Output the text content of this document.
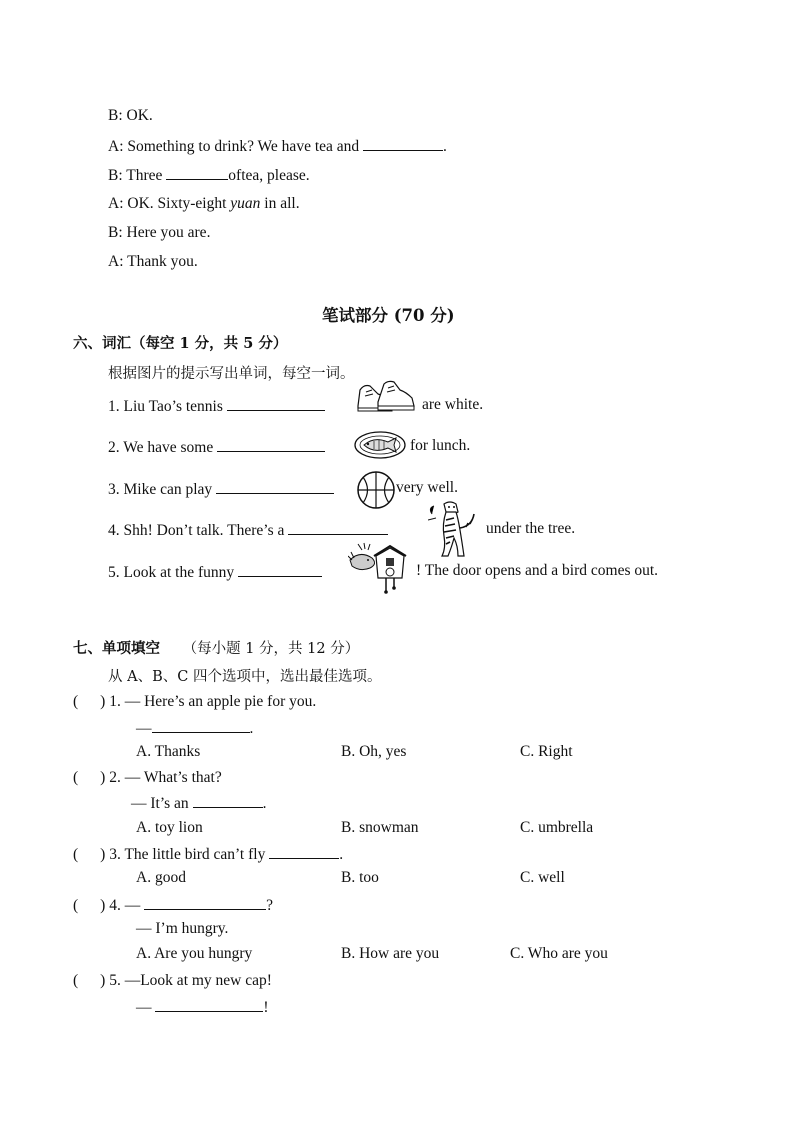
B: OK.
A: Something to drink? We have tea and	.
B: Three	oftea, please.
A: OK. Sixty-eight yuan in all.
B: Here you are.
A: Thank you.
笔试部分 (70 分)
六、词汇（每空 1 分，共 5 分）
根据图片的提示写出单词，每空一词。
1. Liu Tao’s tennis	are white.
2. We have some	for lunch.
3. Mike can play	very well.
4. Shh! Don’t talk. There’s a	under the tree.
5. Look at the funny	! The door opens and a bird comes out.
七、单项填空 （每小题 1 分，共 12 分）
从 A、B、C 四个选项中，选出最佳选项。
( ) 1. — Here’s an apple pie for you.
—	.
A. Thanks	B. Oh, yes	C. Right
( ) 2. — What’s that?
— It’s an	.
A. toy lion	B. snowman	C. umbrella
( ) 3. The little bird can’t fly	.
A. good	B. too	C. well
( ) 4. —	?
— I’m hungry.
A. Are you hungry	B. How are you	C. Who are you
( ) 5. —Look at my new cap!
—	!
